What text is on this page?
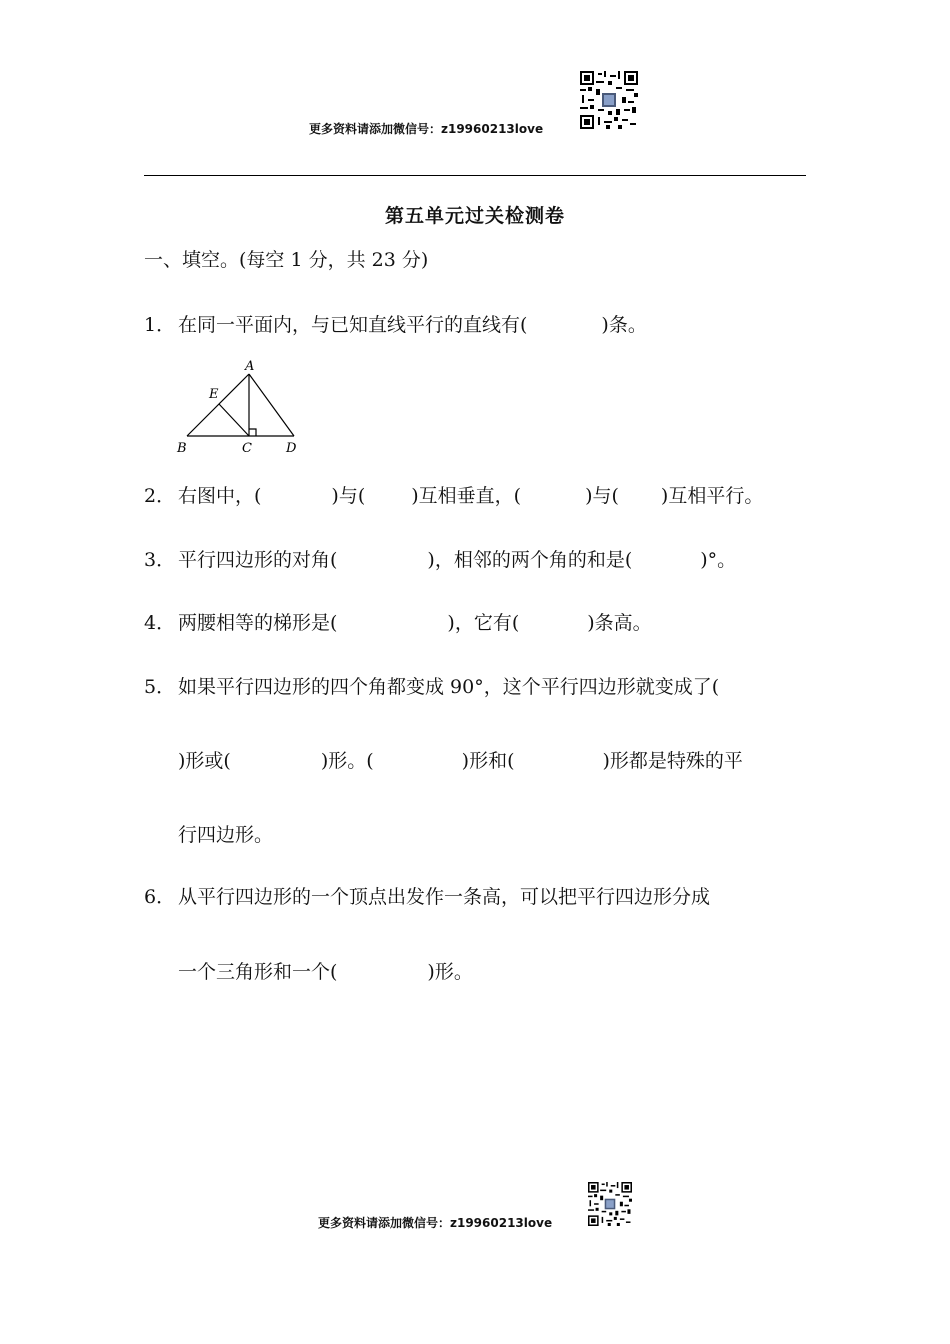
更多资料请添加微信号：z19960213love
第五单元过关检测卷
一、填空。(每空 1 分，共 23 分)
1． 在同一平面内，与已知直线平行的直线有(	)条。
A
E
B	C	D
2． 右图中，(	)与( )互相垂直，(	)与( )互相平行。
3． 平行四边形的对角(	)，相邻的两个角的和是(	)°。
4． 两腰相等的梯形是(	)，它有(	)条高。
5． 如果平行四边形的四个角都变成 90°，这个平行四边形就变成了(
)形或(	)形。(	)形和(	)形都是特殊的平
行四边形。
6． 从平行四边形的一个顶点出发作一条高，可以把平行四边形分成
一个三角形和一个(	)形。
更多资料请添加微信号：z19960213love
